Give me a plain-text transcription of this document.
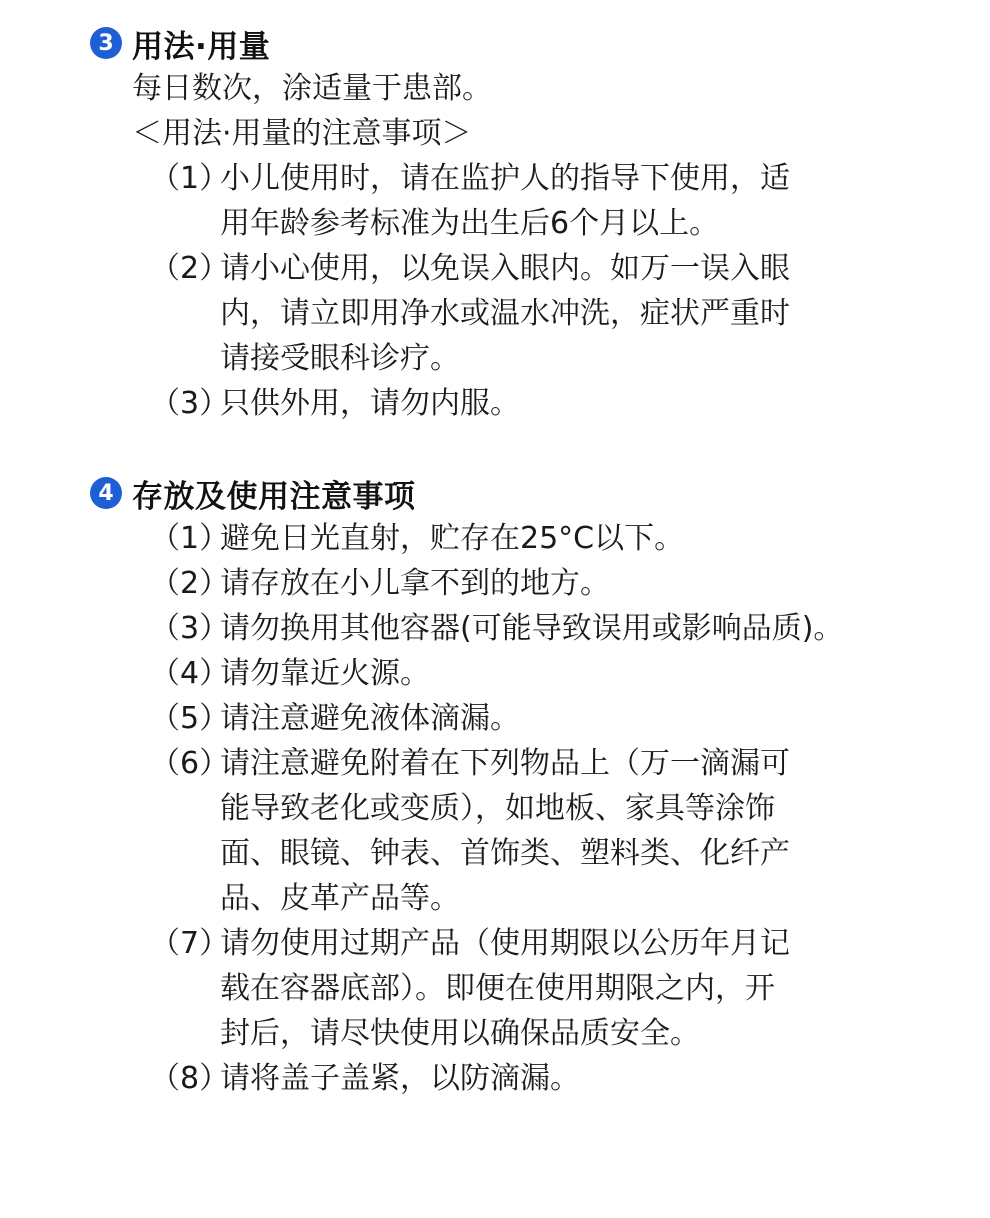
3 用法·用量
每日数次，涂适量于患部。
＜用法·用量的注意事项＞
（1）
小儿使用时，请在监护人的指导下使用，适
用年龄参考标准为出生后6个月以上。
（2）
请小心使用，以免误入眼内。如万一误入眼
内，请立即用净水或温水冲洗，症状严重时
请接受眼科诊疗。
（3）
只供外用，请勿内服。
4 存放及使用注意事项
（1）
避免日光直射，贮存在25°C以下。
（2）
请存放在小儿拿不到的地方。
（3）
请勿换用其他容器(可能导致误用或影响品质)。
（4）
请勿靠近火源。
（5）
请注意避免液体滴漏。
（6）
请注意避免附着在下列物品上（万一滴漏可
能导致老化或变质），如地板、家具等涂饰
面、眼镜、钟表、首饰类、塑料类、化纤产
品、皮革产品等。
（7）
请勿使用过期产品（使用期限以公历年月记
载在容器底部）。即便在使用期限之内，开
封后，请尽快使用以确保品质安全。
（8）
请将盖子盖紧，以防滴漏。
